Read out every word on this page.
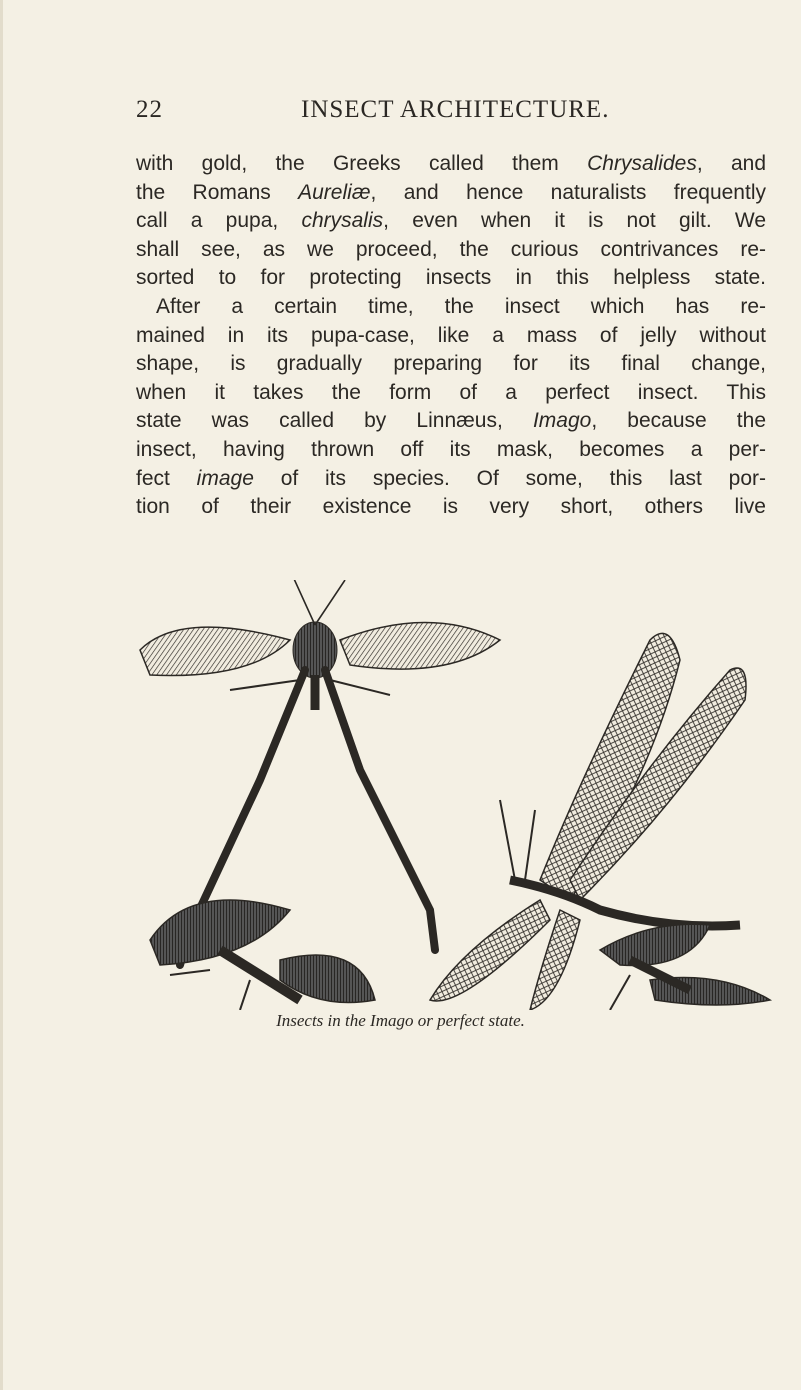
22	INSECT ARCHITECTURE.
with gold, the Greeks called them Chrysalides, and
the Romans Aureliæ, and hence naturalists frequently
call a pupa, chrysalis, even when it is not gilt. We
shall see, as we proceed, the curious contrivances re-
sorted to for protecting insects in this helpless state.
After a certain time, the insect which has re-
mained in its pupa-case, like a mass of jelly without
shape, is gradually preparing for its final change,
when it takes the form of a perfect insect. This
state was called by Linnæus, Imago, because the
insect, having thrown off its mask, becomes a per-
fect image of its species. Of some, this last por-
tion of their existence is very short, others live
Insects in the Imago or perfect state.
